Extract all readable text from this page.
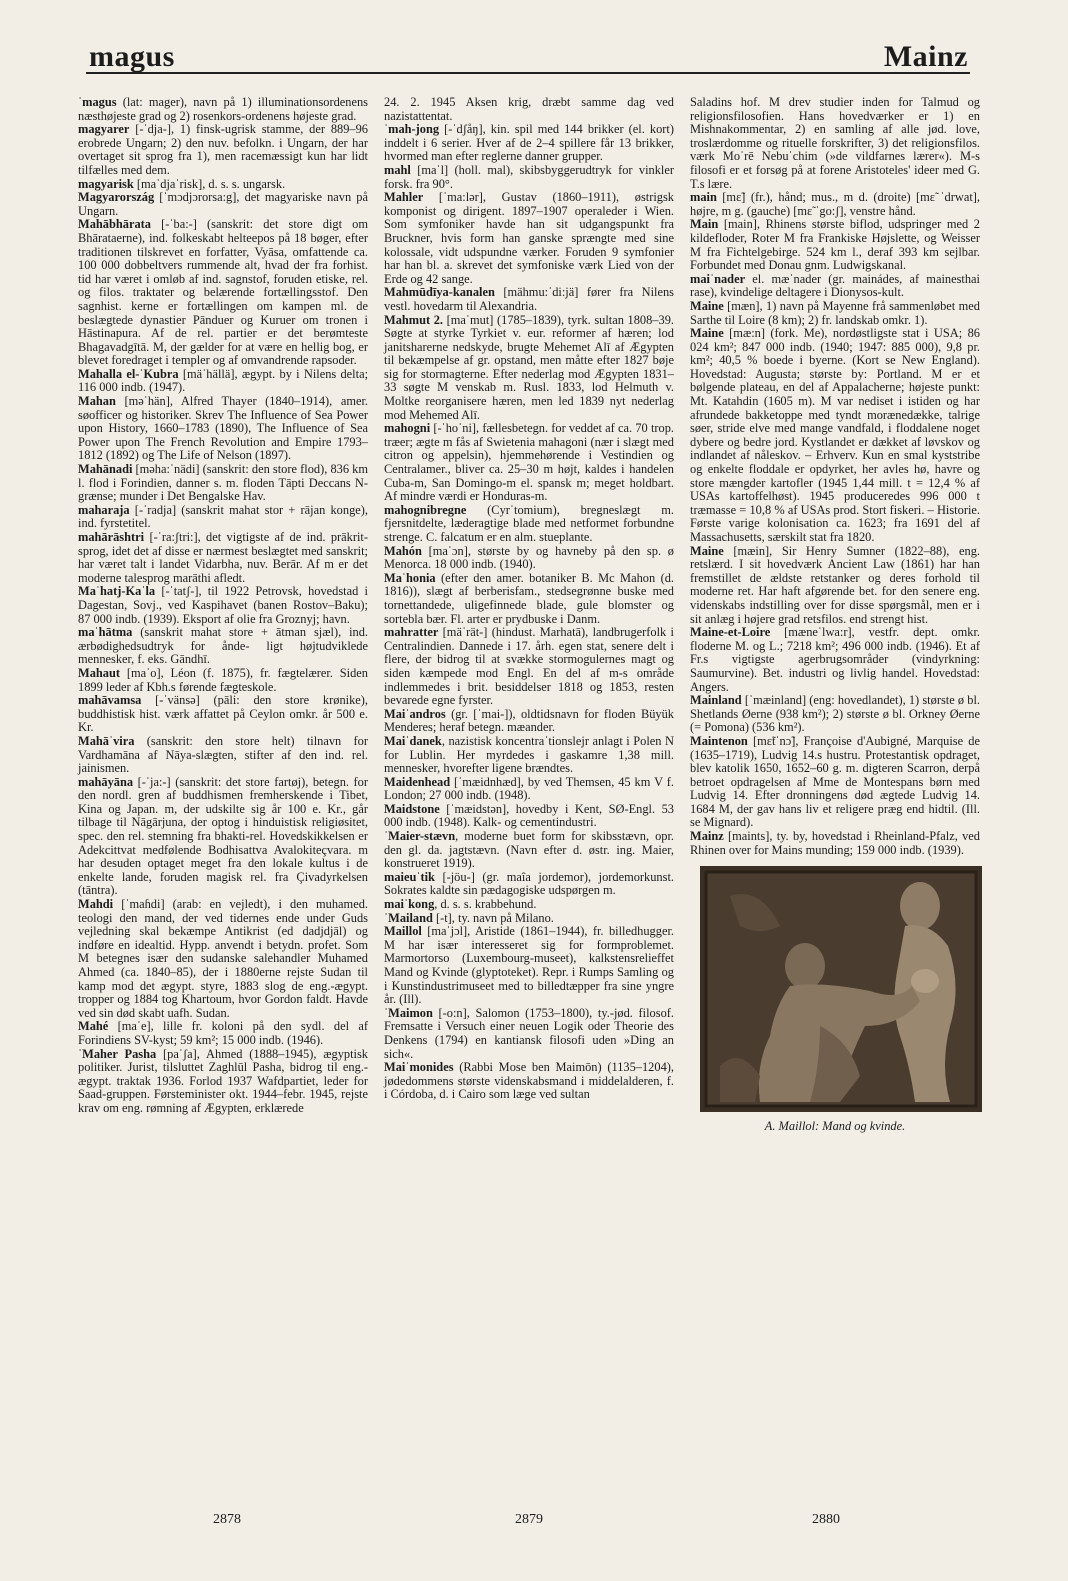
magus	Mainz

ˈmagus (lat: mager), navn på 1) illuminationsordenens næsthøjeste grad og 2) rosenkors-ordenens højeste grad.

magyarer [-ˈdja-], 1) finsk-ugrisk stamme, der 889–96 erobrede Ungarn; 2) den nuv. befolkn. i Ungarn, der har overtaget sit sprog fra 1), men racemæssigt kun har lidt tilfælles med dem.

magyarisk [maˈdjaˈrisk], d. s. s. ungarsk.

Magyarország [ˈmɔdjɔrorsa:g], det magyariske navn på Ungarn.

Mahābhārata [-ˈba:-] (sanskrit: det store digt om Bhārataerne), ind. folkeskabt helteepos på 18 bøger, efter traditionen tilskrevet en forfatter, Vyāsa, omfattende ca. 100 000 dobbeltvers rummende alt, hvad der fra forhist. tid har været i omløb af ind. sagnstof, foruden etiske, rel. og filos. traktater og belærende fortællingsstof. Den sagnhist. kerne er fortællingen om kampen ml. de beslægtede dynastier Pānduer og Kuruer om tronen i Hāstinapura. Af de rel. partier er det berømteste Bhagavadgītā. M, der gælder for at være en hellig bog, er blevet foredraget i templer og af omvandrende rapsoder.

Mahalla el-ˈKubra [mäˈhällä], ægypt. by i Nilens delta; 116 000 indb. (1947).

Mahan [məˈhän], Alfred Thayer (1840–1914), amer. søofficer og historiker. Skrev The Influence of Sea Power upon History, 1660–1783 (1890), The Influence of Sea Power upon The French Revolution and Empire 1793–1812 (1892) og The Life of Nelson (1897).

Mahānadi [məha:ˈnädi] (sanskrit: den store flod), 836 km l. flod i Forindien, danner s. m. floden Tāpti Deccans N-grænse; munder i Det Bengalske Hav.

maharaja [-ˈradja] (sanskrit mahat stor + rājan konge), ind. fyrstetitel.

mahārāshtri [-ˈra:ʃtri:], det vigtigste af de ind. prākrit-sprog, idet det af disse er nærmest beslægtet med sanskrit; har været talt i landet Vidarbha, nuv. Berār. Af m er det moderne talesprog marāthi afledt.

Maˈhatj-Kaˈla [-ˈtatʃ-], til 1922 Petrovsk, hovedstad i Dagestan, Sovj., ved Kaspihavet (banen Rostov–Baku); 87 000 indb. (1939). Eksport af olie fra Groznyj; havn.

maˈhātma (sanskrit mahat store + ātman sjæl), ind. ærbødighedsudtryk for ånde- ligt højtudviklede mennesker, f. eks. Gāndhī.

Mahaut [maˈo], Léon (f. 1875), fr. fægtelærer. Siden 1899 leder af Kbh.s førende fægteskole.

mahāvamsa [-ˈvänsə] (pāli: den store krønike), buddhistisk hist. værk affattet på Ceylon omkr. år 500 e. Kr.

Mahāˈvira (sanskrit: den store helt) tilnavn for Vardhamāna af Nāya-slægten, stifter af den ind. rel. jainismen.

mahāyāna [-ˈja:-] (sanskrit: det store fartøj), betegn. for den nordl. gren af buddhismen fremherskende i Tibet, Kina og Japan. m, der udskilte sig år 100 e. Kr., går tilbage til Nāgārjuna, der optog i hinduistisk religiøsitet, spec. den rel. stemning fra bhakti-rel. Hovedskikkelsen er Adekcittvat medfølende Bodhisattva Avalokiteçvara. m har desuden optaget meget fra den lokale kultus i de enkelte lande, foruden magisk rel. fra Çivadyrkelsen (tāntra).

Mahdi [ˈmaɦdi] (arab: en vejledt), i den muhamed. teologi den mand, der ved tidernes ende under Guds vejledning skal bekæmpe Antikrist (ed dadjdjāl) og indføre en idealtid. Hypp. anvendt i betydn. profet. Som M betegnes især den sudanske salehandler Muhamed Ahmed (ca. 1840–85), der i 1880erne rejste Sudan til kamp mod det ægypt. styre, 1883 slog de eng.-ægypt. tropper og 1884 tog Khartoum, hvor Gordon faldt. Havde ved sin død skabt uafh. Sudan.

Mahé [maˈe], lille fr. koloni på den sydl. del af Forindiens SV-kyst; 59 km²; 15 000 indb. (1946).

ˈMaher Pasha [paˈʃa], Ahmed (1888–1945), ægyptisk politiker. Jurist, tilsluttet Zaghlūl Pasha, bidrog til eng.-ægypt. traktak 1936. Forlod 1937 Wafdpartiet, leder for Saad-gruppen. Førsteminister okt. 1944–febr. 1945, rejste krav om eng. rømning af Ægypten, erklærede

24. 2. 1945 Aksen krig, dræbt samme dag ved nazistattentat.

ˈmah-jong [-ˈdʃåŋ], kin. spil med 144 brikker (el. kort) inddelt i 6 serier. Hver af de 2–4 spillere får 13 brikker, hvormed man efter reglerne danner grupper.

mahl [maˈl] (holl. mal), skibsbyggerudtryk for vinkler forsk. fra 90°.

Mahler [ˈma:lər], Gustav (1860–1911), østrigsk komponist og dirigent. 1897–1907 operaleder i Wien. Som symfoniker havde han sit udgangspunkt fra Bruckner, hvis form han ganske sprængte med sine kolossale, vidt udspundne værker. Foruden 9 symfonier har han bl. a. skrevet det symfoniske værk Lied von der Erde og 42 sange.

Mahmūdīya-kanalen [mähmu:ˈdi:jä] fører fra Nilens vestl. hovedarm til Alexandria.

Mahmut 2. [maˈmut] (1785–1839), tyrk. sultan 1808–39. Søgte at styrke Tyrkiet v. eur. reformer af hæren; lod janitsharerne nedskyde, brugte Mehemet Alī af Ægypten til bekæmpelse af gr. opstand, men måtte efter 1827 bøje sig for stormagterne. Efter nederlag mod Ægypten 1831–33 søgte M venskab m. Rusl. 1833, lod Helmuth v. Moltke reorganisere hæren, men led 1839 nyt nederlag mod Mehemed Alī.

mahogni [-ˈhoˈni], fællesbetegn. for veddet af ca. 70 trop. træer; ægte m fås af Swietenia mahagoni (nær i slægt med citron og appelsin), hjemmehørende i Vestindien og Centralamer., bliver ca. 25–30 m højt, kaldes i handelen Cuba-m, San Domingo-m el. spansk m; meget holdbart. Af mindre værdi er Honduras-m.

mahognibregne (Cyrˈtomium), bregneslægt m. fjersnitdelte, læderagtige blade med netformet forbundne strenge. C. falcatum er en alm. stueplante.

Mahón [maˈɔn], største by og havneby på den sp. ø Menorca. 18 000 indb. (1940).

Maˈhonia (efter den amer. botaniker B. Mc Mahon (d. 1816)), slægt af berberisfam., stedsegrønne buske med tornettandede, uligefinnede blade, gule blomster og sortebla bær. Fl. arter er prydbuske i Danm.

mahratter [mäˈrät-] (hindust. Marhatā), landbrugerfolk i Centralindien. Dannede i 17. årh. egen stat, senere delt i flere, der bidrog til at svække stormogulernes magt og siden kæmpede mod Engl. En del af m-s område indlemmedes i brit. besiddelser 1818 og 1853, resten bevarede egne fyrster.

Maiˈandros (gr. [ˈmai-]), oldtidsnavn for floden Büyük Menderes; heraf betegn. mæander.

Maiˈdanek, nazistisk koncentraˈtionslejr anlagt i Polen N for Lublin. Her myrdedes i gaskamre 1,38 mill. mennesker, hvorefter ligene brændtes.

Maidenhead [ˈmæidnhæd], by ved Themsen, 45 km V f. London; 27 000 indb. (1948).

Maidstone [ˈmæidstən], hovedby i Kent, SØ-Engl. 53 000 indb. (1948). Kalk- og cementindustri.

ˈMaier-stævn, moderne buet form for skibsstævn, opr. den gl. da. jagtstævn. (Navn efter d. østr. ing. Maier, konstrueret 1919).

maieuˈtik [-jöu-] (gr. maîa jordemor), jordemorkunst. Sokrates kaldte sin pædagogiske udspørgen m.

maiˈkong, d. s. s. krabbehund.

ˈMailand [-t], ty. navn på Milano.

Maillol [maˈjɔl], Aristide (1861–1944), fr. billedhugger. M har især interesseret sig for formproblemet. Marmortorso (Luxembourg-museet), kalkstensrelieffet Mand og Kvinde (glyptoteket). Repr. i Rumps Samling og i Kunstindustrimuseet med to billedtæpper fra sine yngre år. (Ill).

ˈMaimon [-o:n], Salomon (1753–1800), ty.-jød. filosof. Fremsatte i Versuch einer neuen Logik oder Theorie des Denkens (1794) en kantiansk filosofi uden »Ding an sich«.

Maiˈmonides (Rabbi Mose ben Maimōn) (1135–1204), jødedommens største videnskabsmand i middelalderen, f. i Córdoba, d. i Cairo som læge ved sultan

Saladins hof. M drev studier inden for Talmud og religionsfilosofien. Hans hovedværker er 1) en Mishnakommentar, 2) en samling af alle jød. love, troslærdomme og rituelle forskrifter, 3) det religionsfilos. værk Moˈrē Nebuˈchim (»de vildfarnes lærer«). M-s filosofi er et forsøg på at forene Aristoteles' ideer med G. T.s lære.

main [mɛ̃] (fr.), hånd; mus., m d. (droite) [mɛ̃ ˈdrwat], højre, m g. (gauche) [mɛ̃ ˈgo:ʃ], venstre hånd.

Main [main], Rhinens største biflod, udspringer med 2 kildefloder, Roter M fra Frankiske Højslette, og Weisser M fra Fichtelgebirge. 524 km l., deraf 393 km sejlbar. Forbundet med Donau gnm. Ludwigskanal.

maiˈnader el. mæˈnader (gr. mainádes, af mainesthai rase), kvindelige deltagere i Dionysos-kult.

Maine [mæn], 1) navn på Mayenne frå sammenløbet med Sarthe til Loire (8 km); 2) fr. landskab omkr. 1).

Maine [mæ:n] (fork. Me), nordøstligste stat i USA; 86 024 km²; 847 000 indb. (1940; 1947: 885 000), 9,8 pr. km²; 40,5 % boede i byerne. (Kort se New England). Hovedstad: Augusta; største by: Portland. M er et bølgende plateau, en del af Appalacherne; højeste punkt: Mt. Katahdin (1605 m). M var nediset i istiden og har afrundede bakketoppe med tyndt morænedække, talrige søer, stride elve med mange vandfald, i floddalene noget dybere og bedre jord. Kystlandet er dækket af løvskov og indlandet af nåleskov. – Erhverv. Kun en smal kyststribe og enkelte floddale er opdyrket, her avles hø, havre og store mængder kartofler (1945 1,44 mill. t = 12,4 % af USAs kartoffelhøst). 1945 produceredes 996 000 t træmasse = 10,8 % af USAs prod. Stort fiskeri. – Historie. Første varige kolonisation ca. 1623; fra 1691 del af Massachusetts, særskilt stat fra 1820.

Maine [mæin], Sir Henry Sumner (1822–88), eng. retslærd. I sit hovedværk Ancient Law (1861) har han fremstillet de ældste retstanker og deres forhold til moderne ret. Har haft afgørende bet. for den senere eng. videnskabs indstilling over for disse spørgsmål, men er i sit anlæg i højere grad retsfilos. end strengt hist.

Maine-et-Loire [mæneˈlwa:r], vestfr. dept. omkr. floderne M. og L.; 7218 km²; 496 000 indb. (1946). Et af Fr.s vigtigste agerbrugsområder (vindyrkning: Saumurvine). Bet. industri og livlig handel. Hovedstad: Angers.

Mainland [ˈmæinland] (eng: hovedlandet), 1) største ø bl. Shetlands Øerne (938 km²); 2) største ø bl. Orkney Øerne (= Pomona) (536 km²).

Maintenon [mɛ̃tˈnɔ̃], Françoise d'Aubigné, Marquise de (1635–1719), Ludvig 14.s hustru. Protestantisk opdraget, blev katolik 1650, 1652–60 g. m. digteren Scarron, derpå betroet opdragelsen af Mme de Montespans børn med Ludvig 14. Efter dronningens død ægtede Ludvig 14. 1684 M, der gav hans liv et religere præg end hidtil. (Ill. se Mignard).

Mainz [maints], ty. by, hovedstad i Rheinland-Pfalz, ved Rhinen over for Mains munding; 159 000 indb. (1939).

A. Maillol: Mand og kvinde.
2878	2879	2880
